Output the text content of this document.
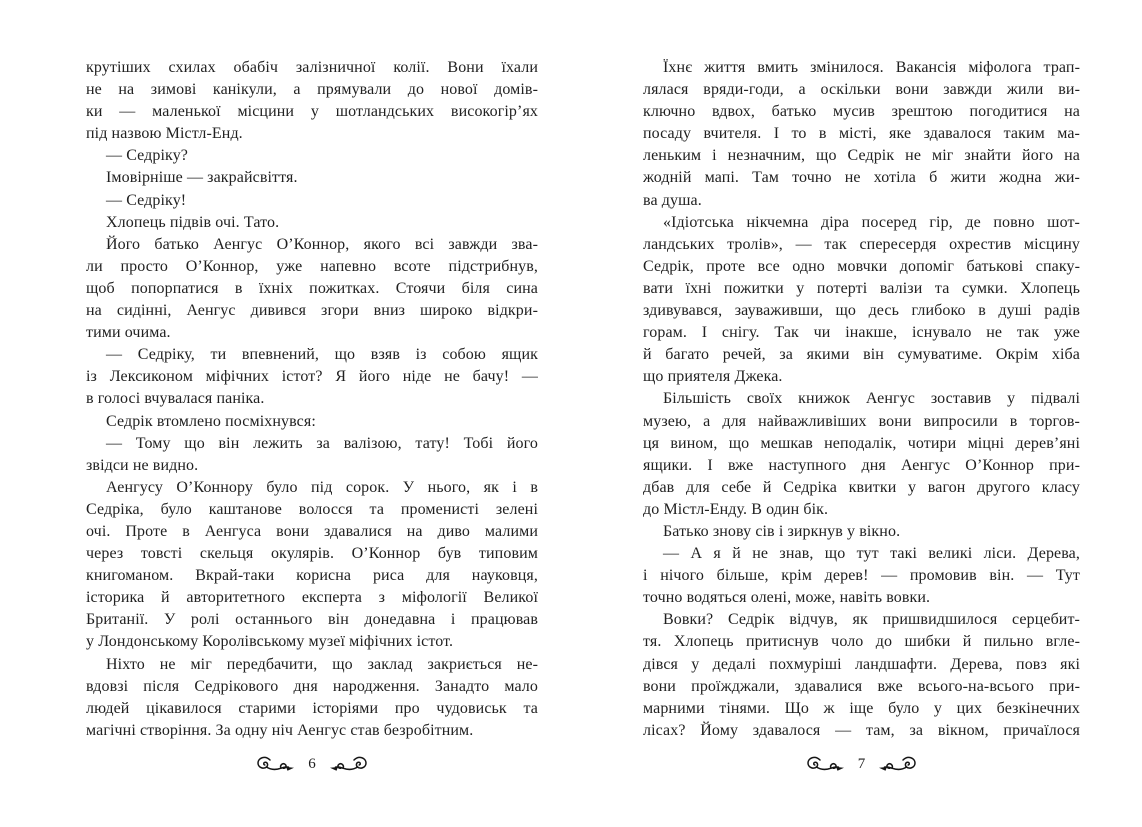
крутіших схилах обабіч залізничної колії. Вони їхали
не на зимові канікули, а прямували до нової домів-
ки — маленької місцини у шотландських високогір’ях
під назвою Містл-Енд.
— Седріку?
Імовірніше — закрайсвіття.
— Седріку!
Хлопець підвів очі. Тато.
Його батько Аенгус О’Коннор, якого всі завжди зва-
ли просто О’Коннор, уже напевно всоте підстрибнув,
щоб попорпатися в їхніх пожитках. Стоячи біля сина
на сидінні, Аенгус дивився згори вниз широко відкри-
тими очима.
— Седріку, ти впевнений, що взяв із собою ящик
із Лексиконом міфічних істот? Я його ніде не бачу! —
в голосі вчувалася паніка.
Седрік втомлено посміхнувся:
— Тому що він лежить за валізою, тату! Тобі його
звідси не видно.
Аенгусу О’Коннору було під сорок. У нього, як і в
Седріка, було каштанове волосся та променисті зелені
очі. Проте в Аенгуса вони здавалися на диво малими
через товсті скельця окулярів. О’Коннор був типовим
книгоманом. Вкрай-таки корисна риса для науковця,
історика й авторитетного експерта з міфології Великої
Британії. У ролі останнього він донедавна і працював
у Лондонському Королівському музеї міфічних істот.
Ніхто не міг передбачити, що заклад закриється не-
вдовзі після Седрікового дня народження. Занадто мало
людей цікавилося старими історіями про чудовиськ та
магічні створіння. За одну ніч Аенгус став безробітним.
6
Їхнє життя вмить змінилося. Вакансія міфолога трап-
лялася вряди-годи, а оскільки вони завжди жили ви-
ключно вдвох, батько мусив зрештою погодитися на
посаду вчителя. І то в місті, яке здавалося таким ма-
леньким і незначним, що Седрік не міг знайти його на
жодній мапі. Там точно не хотіла б жити жодна жи-
ва душа.
«Ідіотська нікчемна діра посеред гір, де повно шот-
ландських тролів», — так спересердя охрестив місцину
Седрік, проте все одно мовчки допоміг батькові спаку-
вати їхні пожитки у потерті валізи та сумки. Хлопець
здивувався, зауваживши, що десь глибоко в душі радів
горам. І снігу. Так чи інакше, існувало не так уже
й багато речей, за якими він сумуватиме. Окрім хіба
що приятеля Джека.
Більшість своїх книжок Аенгус зоставив у підвалі
музею, а для найважливіших вони випросили в торгов-
ця вином, що мешкав неподалік, чотири міцні дерев’яні
ящики. І вже наступного дня Аенгус О’Коннор при-
дбав для себе й Седріка квитки у вагон другого класу
до Містл-Енду. В один бік.
Батько знову сів і зиркнув у вікно.
— А я й не знав, що тут такі великі ліси. Дерева,
і нічого більше, крім дерев! — промовив він. — Тут
точно водяться олені, може, навіть вовки.
Вовки? Седрік відчув, як пришвидшилося серцебит-
тя. Хлопець притиснув чоло до шибки й пильно вгле-
дівся у дедалі похмуріші ландшафти. Дерева, повз які
вони проїжджали, здавалися вже всього-на-всього при-
марними тінями. Що ж іще було у цих безкінечних
лісах? Йому здавалося — там, за вікном, причаїлося
7
